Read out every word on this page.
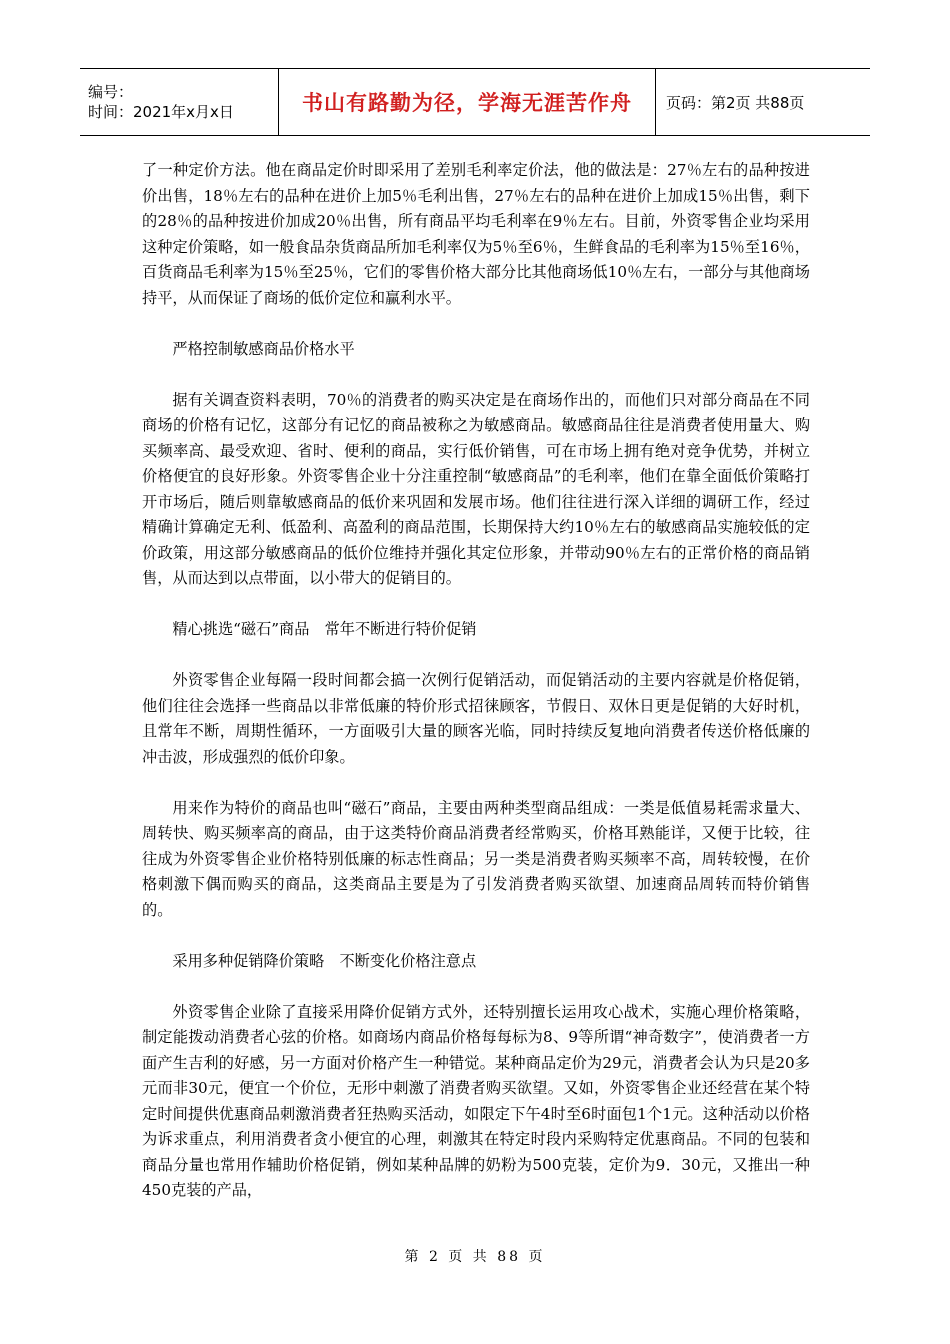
编号：
时间：2021年x月x日	书山有路勤为径，学海无涯苦作舟 页码：第2页 共88页

了一种定价方法。他在商品定价时即采用了差别毛利率定价法，他的做法是：27％左右的品种按进价出售，18％左右的品种在进价上加5％毛利出售，27％左右的品种在进价上加成15％出售，剩下的28％的品种按进价加成20％出售，所有商品平均毛利率在9％左右。目前，外资零售企业均采用这种定价策略，如一般食品杂货商品所加毛利率仅为5％至6％，生鲜食品的毛利率为15％至16％，百货商品毛利率为15％至25％，它们的零售价格大部分比其他商场低10％左右，一部分与其他商场持平，从而保证了商场的低价定位和赢利水平。

严格控制敏感商品价格水平

据有关调查资料表明，70％的消费者的购买决定是在商场作出的，而他们只对部分商品在不同商场的价格有记忆，这部分有记忆的商品被称之为敏感商品。敏感商品往往是消费者使用量大、购买频率高、最受欢迎、省时、便利的商品，实行低价销售，可在市场上拥有绝对竞争优势，并树立价格便宜的良好形象。外资零售企业十分注重控制“敏感商品”的毛利率，他们在靠全面低价策略打开市场后，随后则靠敏感商品的低价来巩固和发展市场。他们往往进行深入详细的调研工作，经过精确计算确定无利、低盈利、高盈利的商品范围，长期保持大约10％左右的敏感商品实施较低的定价政策，用这部分敏感商品的低价位维持并强化其定位形象，并带动90％左右的正常价格的商品销售，从而达到以点带面，以小带大的促销目的。

精心挑选“磁石”商品　常年不断进行特价促销

外资零售企业每隔一段时间都会搞一次例行促销活动，而促销活动的主要内容就是价格促销，他们往往会选择一些商品以非常低廉的特价形式招徕顾客，节假日、双休日更是促销的大好时机，且常年不断，周期性循环，一方面吸引大量的顾客光临，同时持续反复地向消费者传送价格低廉的冲击波，形成强烈的低价印象。

用来作为特价的商品也叫“磁石”商品，主要由两种类型商品组成：一类是低值易耗需求量大、周转快、购买频率高的商品，由于这类特价商品消费者经常购买，价格耳熟能详，又便于比较，往往成为外资零售企业价格特别低廉的标志性商品；另一类是消费者购买频率不高，周转较慢，在价格刺激下偶而购买的商品，这类商品主要是为了引发消费者购买欲望、加速商品周转而特价销售的。

采用多种促销降价策略　不断变化价格注意点

外资零售企业除了直接采用降价促销方式外，还特别擅长运用攻心战术，实施心理价格策略，制定能拨动消费者心弦的价格。如商场内商品价格每每标为8、9等所谓“神奇数字”，使消费者一方面产生吉利的好感，另一方面对价格产生一种错觉。某种商品定价为29元，消费者会认为只是20多元而非30元，便宜一个价位，无形中刺激了消费者购买欲望。又如，外资零售企业还经营在某个特定时间提供优惠商品刺激消费者狂热购买活动，如限定下午4时至6时面包1个1元。这种活动以价格为诉求重点，利用消费者贪小便宜的心理，刺激其在特定时段内采购特定优惠商品。不同的包装和商品分量也常用作辅助价格促销，例如某种品牌的奶粉为500克装，定价为9．30元，又推出一种450克装的产品，

第 2 页 共 88 页
